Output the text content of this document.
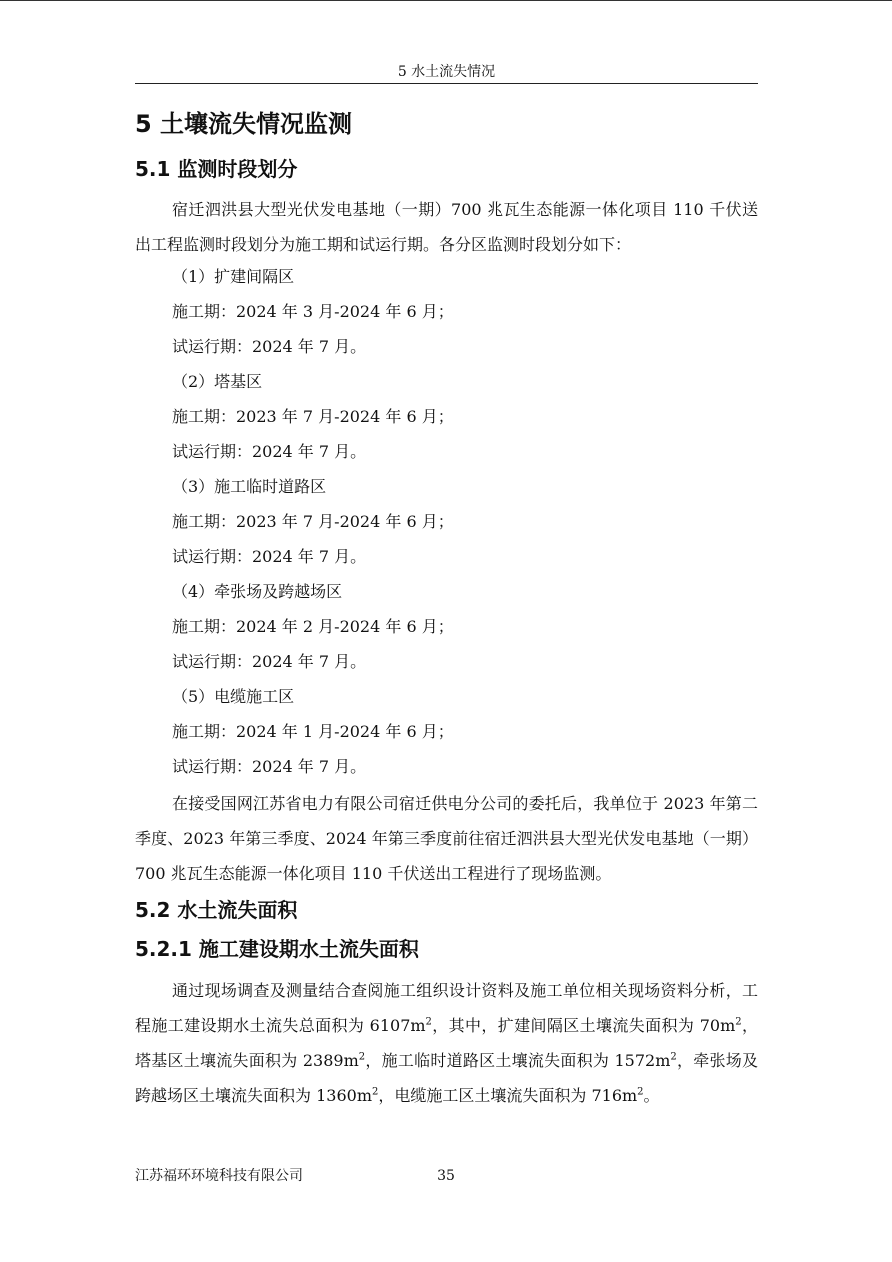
5 水土流失情况
5 土壤流失情况监测
5.1 监测时段划分
宿迁泗洪县大型光伏发电基地（一期）700 兆瓦生态能源一体化项目 110 千伏送出工程监测时段划分为施工期和试运行期。各分区监测时段划分如下：
（1）扩建间隔区
施工期：2024 年 3 月-2024 年 6 月；
试运行期：2024 年 7 月。
（2）塔基区
施工期：2023 年 7 月-2024 年 6 月；
试运行期：2024 年 7 月。
（3）施工临时道路区
施工期：2023 年 7 月-2024 年 6 月；
试运行期：2024 年 7 月。
（4）牵张场及跨越场区
施工期：2024 年 2 月-2024 年 6 月；
试运行期：2024 年 7 月。
（5）电缆施工区
施工期：2024 年 1 月-2024 年 6 月；
试运行期：2024 年 7 月。
在接受国网江苏省电力有限公司宿迁供电分公司的委托后，我单位于 2023 年第二季度、2023 年第三季度、2024 年第三季度前往宿迁泗洪县大型光伏发电基地（一期）700 兆瓦生态能源一体化项目 110 千伏送出工程进行了现场监测。
5.2 水土流失面积
5.2.1 施工建设期水土流失面积
通过现场调查及测量结合查阅施工组织设计资料及施工单位相关现场资料分析，工程施工建设期水土流失总面积为 $6107m^2$，其中，扩建间隔区土壤流失面积为 $70m^2$，塔基区土壤流失面积为 $2389m^2$，施工临时道路区土壤流失面积为 $1572m^2$，牵张场及跨越场区土壤流失面积为 $1360m^2$，电缆施工区土壤流失面积为 $716m^2$。
江苏福环环境科技有限公司	35
